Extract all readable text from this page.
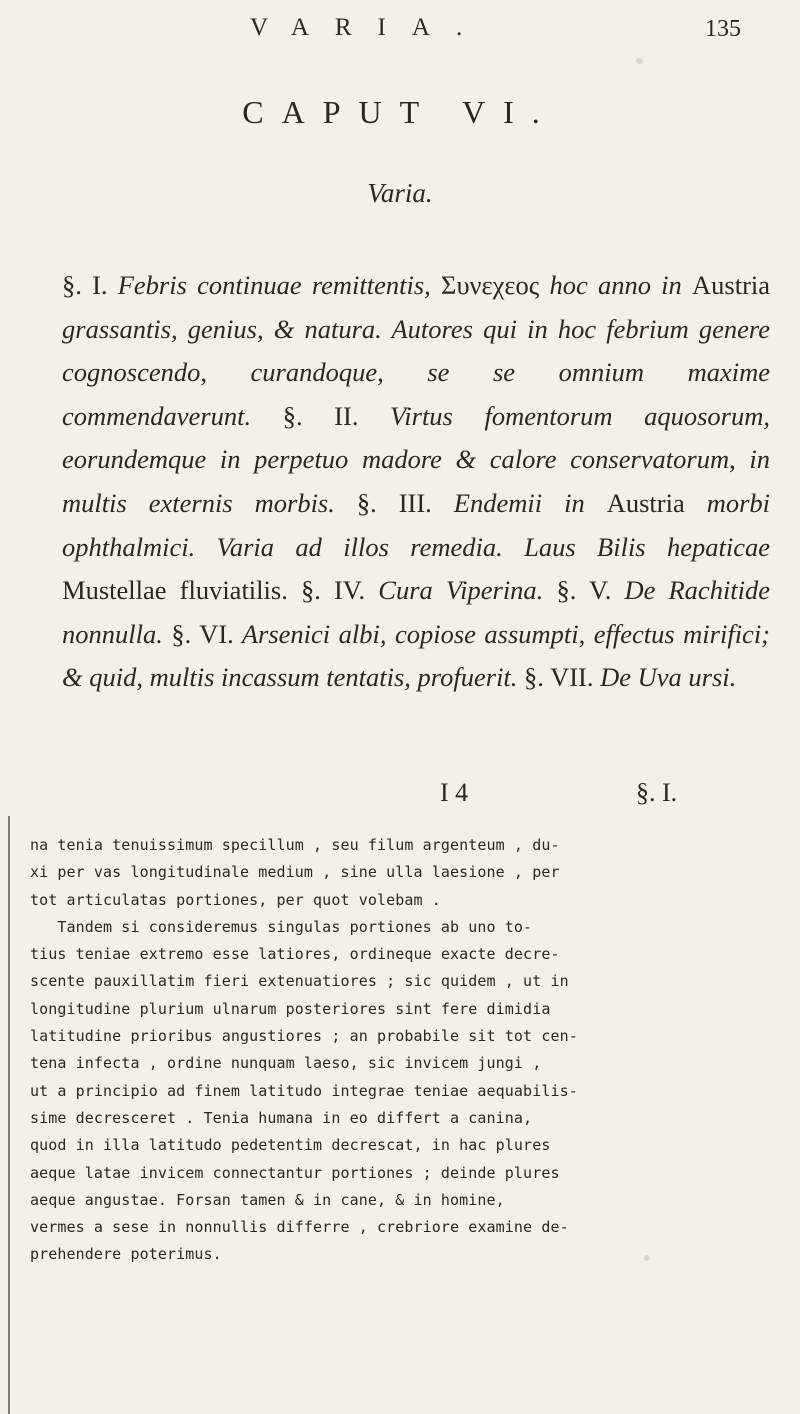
VARIA.	135
CAPUT VI.
Varia.
§. I. Febris continuae remittentis, Συνεχεος hoc anno in Austria grassantis, genius, & natura. Autores qui in hoc febrium genere cognoscendo, curandoque, se se omnium maxime commendaverunt. §. II. Virtus fomentorum aquosorum, eorundemque in perpetuo madore & calore conservatorum, in multis externis morbis. §. III. Endemii in Austria morbi ophthalmici. Varia ad illos remedia. Laus Bilis hepaticae Mustellae fluviatilis. §. IV. Cura Viperina. §. V. De Rachitide nonnulla. §. VI. Arsenici albi, copiose assumpti, effectus mirifici; & quid, multis incassum tentatis, profuerit. §. VII. De Uva ursi.
I 4	§. I.
na tenia tenuissimum specillum , seu filum argenteum , du-
xi per vas longitudinale medium , sine ulla laesione , per
tot articulatas portiones, per quot volebam .
Tandem si consideremus singulas portiones ab uno to-
tius teniae extremo esse latiores, ordineque exacte decre-
scente pauxillatim fieri extenuatiores ; sic quidem , ut in
longitudine plurium ulnarum posteriores sint fere dimidia
latitudine prioribus angustiores ; an probabile sit tot cen-
tena infecta , ordine nunquam laeso, sic invicem jungi ,
ut a principio ad finem latitudo integrae teniae aequabilis-
sime decresceret . Tenia humana in eo differt a canina,
quod in illa latitudo pedetentim decrescat, in hac plures
aeque latae invicem connectantur portiones ; deinde plures
aeque angustae. Forsan tamen & in cane, & in homine,
vermes a sese in nonnullis differre , crebriore examine de-
prehendere poterimus.
